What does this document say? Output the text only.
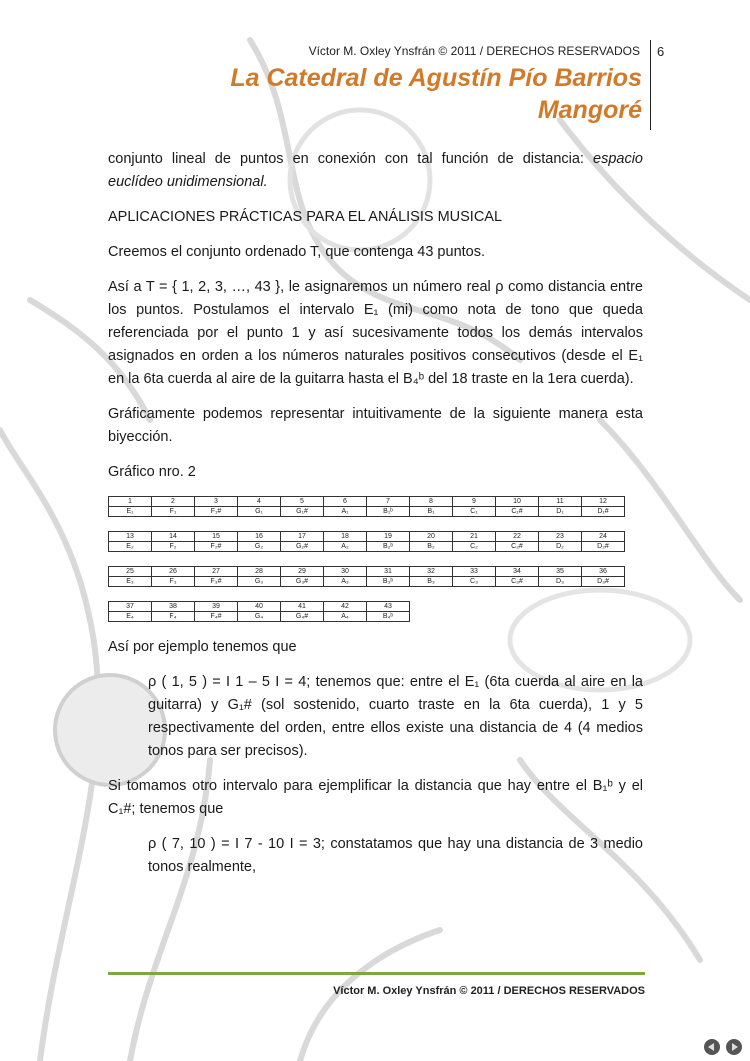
Víctor M. Oxley Ynsfrán © 2011 / DERECHOS RESERVADOS 6
La Catedral de Agustín Pío Barrios
Mangoré

conjunto lineal de puntos en conexión con tal función de distancia: espacio euclídeo unidimensional.

APLICACIONES PRÁCTICAS PARA EL ANÁLISIS MUSICAL

Creemos el conjunto ordenado T, que contenga 43 puntos.

Así a T = { 1, 2, 3, …, 43 }, le asignaremos un número real ρ como distancia entre los puntos. Postulamos el intervalo E₁ (mi) como nota de tono que queda referenciada por el punto 1 y así sucesivamente todos los demás intervalos asignados en orden a los números naturales positivos consecutivos (desde el E₁ en la 6ta cuerda al aire de la guitarra hasta el B₄ᵇ del 18 traste en la 1era cuerda).

Gráficamente podemos representar intuitivamente de la siguiente manera esta biyección.

Gráfico nro. 2

1	2	3	4	5	6	7	8	9	10	11	12
E₁	F₁	F₁#	G₁	G₁#	A₁	B₁ᵇ	B₁	C₁	C₁#	D₁	D₁#
13	14	15	16	17	18	19	20	21	22	23	24
E₂	F₂	F₂#	G₂	G₂#	A₂	B₂ᵇ	B₂	C₂	C₂#	D₂	D₂#
25	26	27	28	29	30	31	32	33	34	35	36
E₃	F₃	F₃#	G₃	G₃#	A₃	B₃ᵇ	B₃	C₃	C₃#	D₃	D₃#
37	38	39	40	41	42	43
E₄	F₄	F₄#	G₄	G₄#	A₄	B₄ᵇ

Así por ejemplo tenemos que

ρ ( 1, 5 ) = I 1 – 5 I = 4; tenemos que: entre el E₁ (6ta cuerda al aire en la guitarra) y G₁# (sol sostenido, cuarto traste en la 6ta cuerda), 1 y 5 respectivamente del orden, entre ellos existe una distancia de 4 (4 medios tonos para ser precisos).

Si tomamos otro intervalo para ejemplificar la distancia que hay entre el B₁ᵇ y el C₁#; tenemos que

ρ ( 7, 10 ) = I 7 - 10 I = 3; constatamos que hay una distancia de 3 medio tonos realmente,

Víctor M. Oxley Ynsfrán © 2011 / DERECHOS RESERVADOS
